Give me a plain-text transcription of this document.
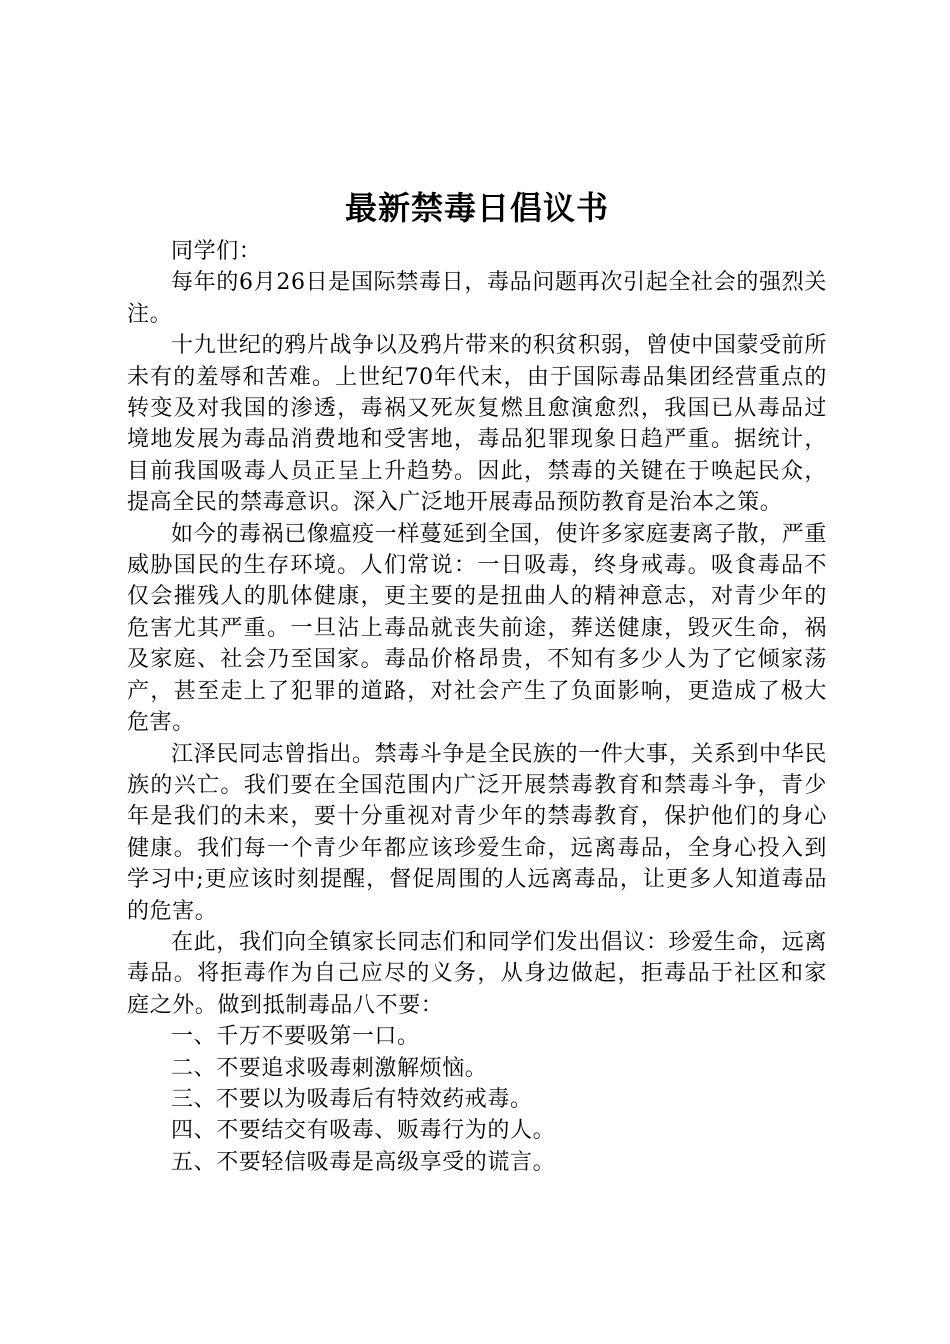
最新禁毒日倡议书

同学们：

每年的6月26日是国际禁毒日，毒品问题再次引起全社会的强烈关注。

十九世纪的鸦片战争以及鸦片带来的积贫积弱，曾使中国蒙受前所未有的羞辱和苦难。上世纪70年代末，由于国际毒品集团经营重点的转变及对我国的渗透，毒祸又死灰复燃且愈演愈烈，我国已从毒品过境地发展为毒品消费地和受害地，毒品犯罪现象日趋严重。据统计，目前我国吸毒人员正呈上升趋势。因此，禁毒的关键在于唤起民众，提高全民的禁毒意识。深入广泛地开展毒品预防教育是治本之策。

如今的毒祸已像瘟疫一样蔓延到全国，使许多家庭妻离子散，严重威胁国民的生存环境。人们常说：一日吸毒，终身戒毒。吸食毒品不仅会摧残人的肌体健康，更主要的是扭曲人的精神意志，对青少年的危害尤其严重。一旦沾上毒品就丧失前途，葬送健康，毁灭生命，祸及家庭、社会乃至国家。毒品价格昂贵，不知有多少人为了它倾家荡产，甚至走上了犯罪的道路，对社会产生了负面影响，更造成了极大危害。

江泽民同志曾指出。禁毒斗争是全民族的一件大事，关系到中华民族的兴亡。我们要在全国范围内广泛开展禁毒教育和禁毒斗争，青少年是我们的未来，要十分重视对青少年的禁毒教育，保护他们的身心健康。我们每一个青少年都应该珍爱生命，远离毒品，全身心投入到学习中;更应该时刻提醒，督促周围的人远离毒品，让更多人知道毒品的危害。

在此，我们向全镇家长同志们和同学们发出倡议：珍爱生命，远离毒品。将拒毒作为自己应尽的义务，从身边做起，拒毒品于社区和家庭之外。做到抵制毒品八不要：

一、千万不要吸第一口。

二、不要追求吸毒刺激解烦恼。

三、不要以为吸毒后有特效药戒毒。

四、不要结交有吸毒、贩毒行为的人。

五、不要轻信吸毒是高级享受的谎言。
